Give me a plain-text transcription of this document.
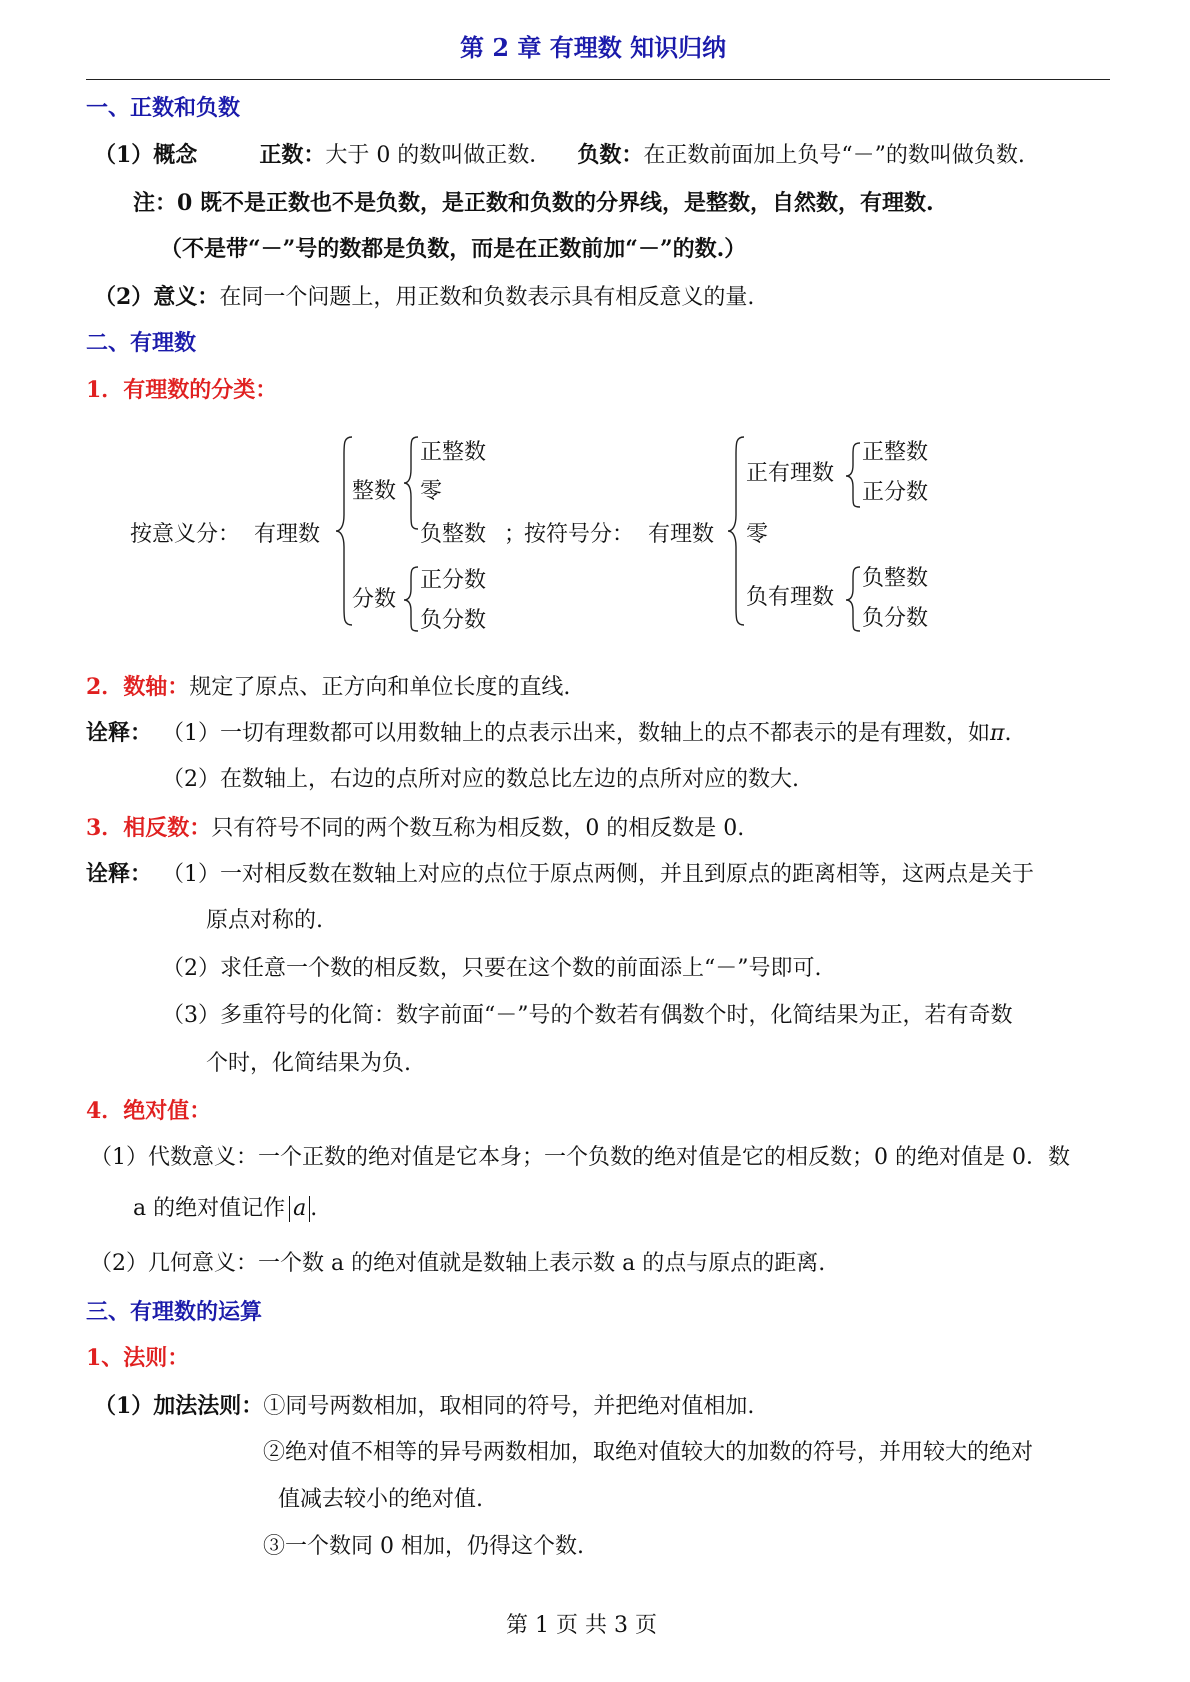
第 2 章 有理数 知识归纳
一、正数和负数
（1）概念	正数：大于 0 的数叫做正数． 负数：在正数前面加上负号“－”的数叫做负数.
注：0 既不是正数也不是负数，是正数和负数的分界线，是整数，自然数，有理数.
（不是带“－”号的数都是负数，而是在正数前加“－”的数.）
（2）意义：在同一个问题上，用正数和负数表示具有相反意义的量.
二、有理数
1．有理数的分类：
按意义分： 有理数
整数
正整数
零
负整数
分数
正分数
负分数
；
按符号分： 有理数
正有理数
正整数
正分数
零
负有理数
负整数
负分数
2．数轴：规定了原点、正方向和单位长度的直线.
诠释： （1）一切有理数都可以用数轴上的点表示出来，数轴上的点不都表示的是有理数，如π.
（2）在数轴上，右边的点所对应的数总比左边的点所对应的数大.
3．相反数：只有符号不同的两个数互称为相反数，0 的相反数是 0.
诠释： （1）一对相反数在数轴上对应的点位于原点两侧，并且到原点的距离相等，这两点是关于
原点对称的.
（2）求任意一个数的相反数，只要在这个数的前面添上“－”号即可.
（3）多重符号的化简：数字前面“－”号的个数若有偶数个时，化简结果为正，若有奇数
个时，化简结果为负.
4．绝对值：
（1）代数意义：一个正数的绝对值是它本身；一个负数的绝对值是它的相反数；0 的绝对值是 0．数
a 的绝对值记作 a .
（2）几何意义：一个数 a 的绝对值就是数轴上表示数 a 的点与原点的距离.
三、有理数的运算
1、法则：
（1）加法法则：①同号两数相加，取相同的符号，并把绝对值相加.
②绝对值不相等的异号两数相加，取绝对值较大的加数的符号，并用较大的绝对
值减去较小的绝对值.
③一个数同 0 相加，仍得这个数.
第 1 页 共 3 页
